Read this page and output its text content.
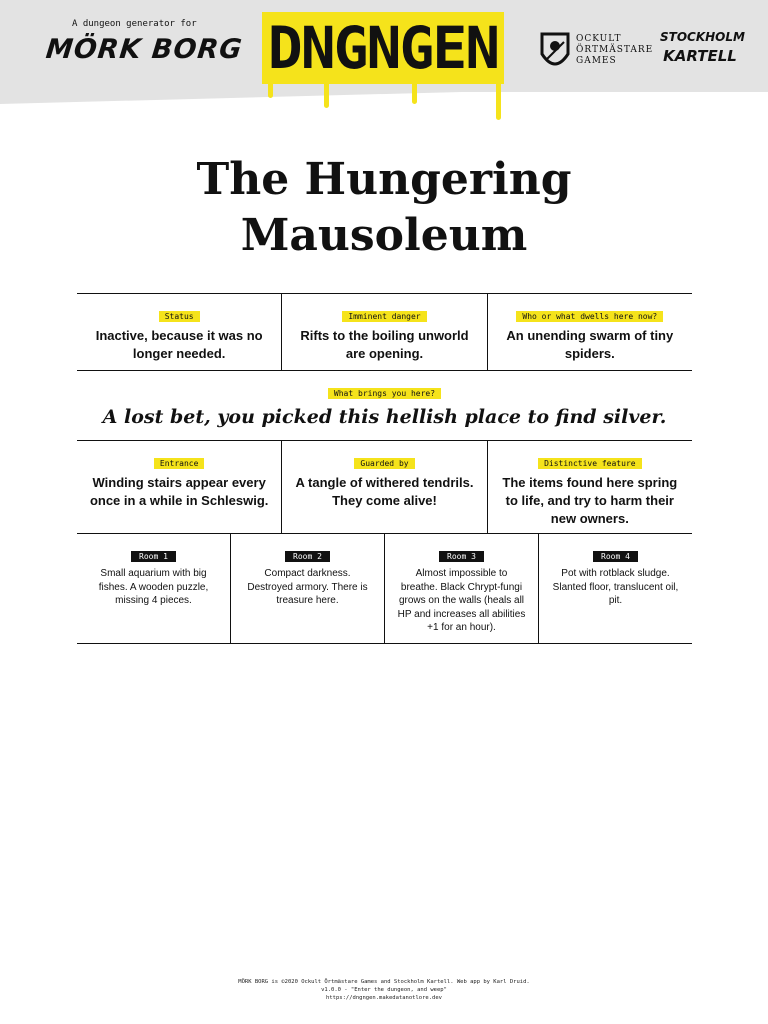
A dungeon generator for
MÖRK BORG DNGNGEN	OCKULT
ÖRTMÄSTARE
GAMES
STOCKHOLM
KARTELL
The Hungering
Mausoleum
Status
Inactive, because it was no longer needed.
Imminent danger
Rifts to the boiling unworld are opening.
Who or what dwells here now?
An unending swarm of tiny spiders.
What brings you here?
A lost bet, you picked this hellish place to find silver.
Entrance
Winding stairs appear every once in a while in Schleswig.
Guarded by
A tangle of withered tendrils. They come alive!
Distinctive feature
The items found here spring to life, and try to harm their new owners.
Room 1
Small aquarium with big fishes. A wooden puzzle, missing 4 pieces.
Room 2
Compact darkness. Destroyed armory. There is treasure here.
Room 3
Almost impossible to breathe. Black Chrypt-fungi grows on the walls (heals all HP and increases all abilities +1 for an hour).
Room 4
Pot with rotblack sludge. Slanted floor, translucent oil, pit.
MÖRK BORG is ©2020 Ockult Örtmästare Games and Stockholm Kartell. Web app by Karl Druid.
v1.0.0 - "Enter the dungeon, and weep"
https://dngngen.makedatanotlore.dev
